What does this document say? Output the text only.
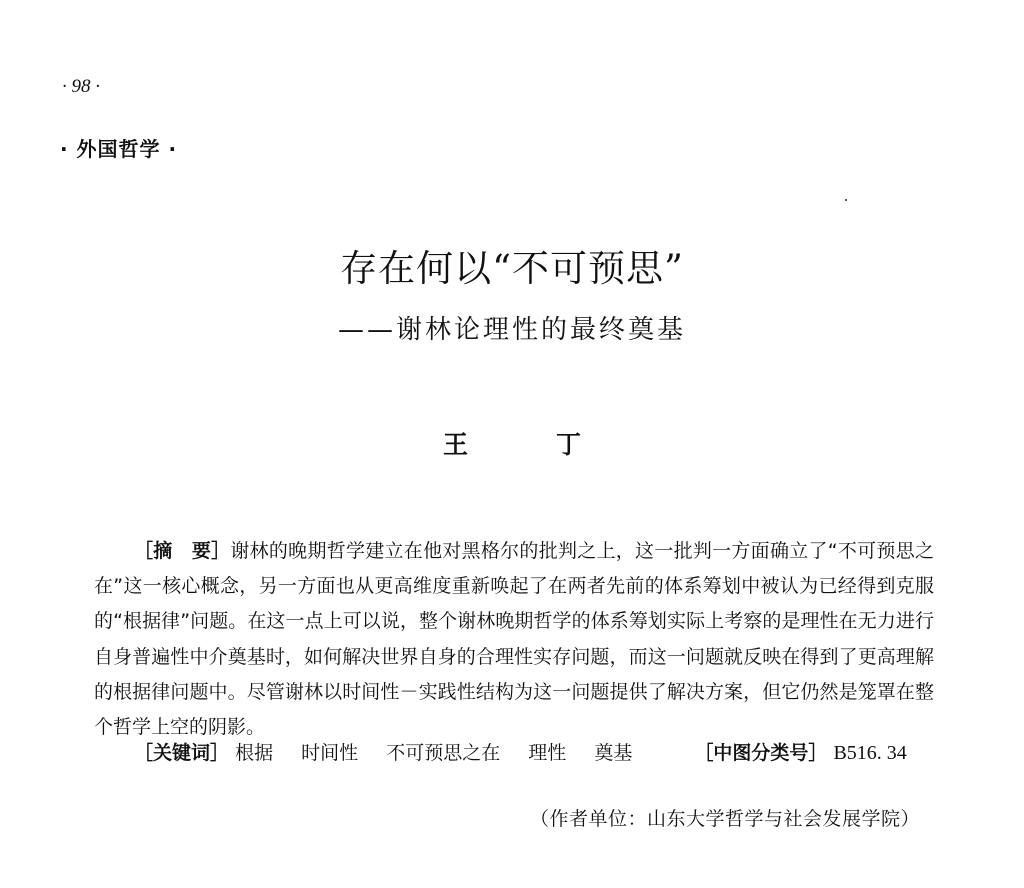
· 98 ·
· 外国哲学 ·
存在何以“不可预思”
——谢林论理性的最终奠基
王	丁

［摘　要］谢林的晚期哲学建立在他对黑格尔的批判之上，这一批判一方面确立了“不可预思之在”这一核心概念，另一方面也从更高维度重新唤起了在两者先前的体系筹划中被认为已经得到克服的“根据律”问题。在这一点上可以说，整个谢林晚期哲学的体系筹划实际上考察的是理性在无力进行自身普遍性中介奠基时，如何解决世界自身的合理性实存问题，而这一问题就反映在得到了更高理解的根据律问题中。尽管谢林以时间性－实践性结构为这一问题提供了解决方案，但它仍然是笼罩在整个哲学上空的阴影。

［关键词］ 根据 时间性 不可预思之在 理性 奠基	［中图分类号］ B516. 34
（作者单位：山东大学哲学与社会发展学院）
